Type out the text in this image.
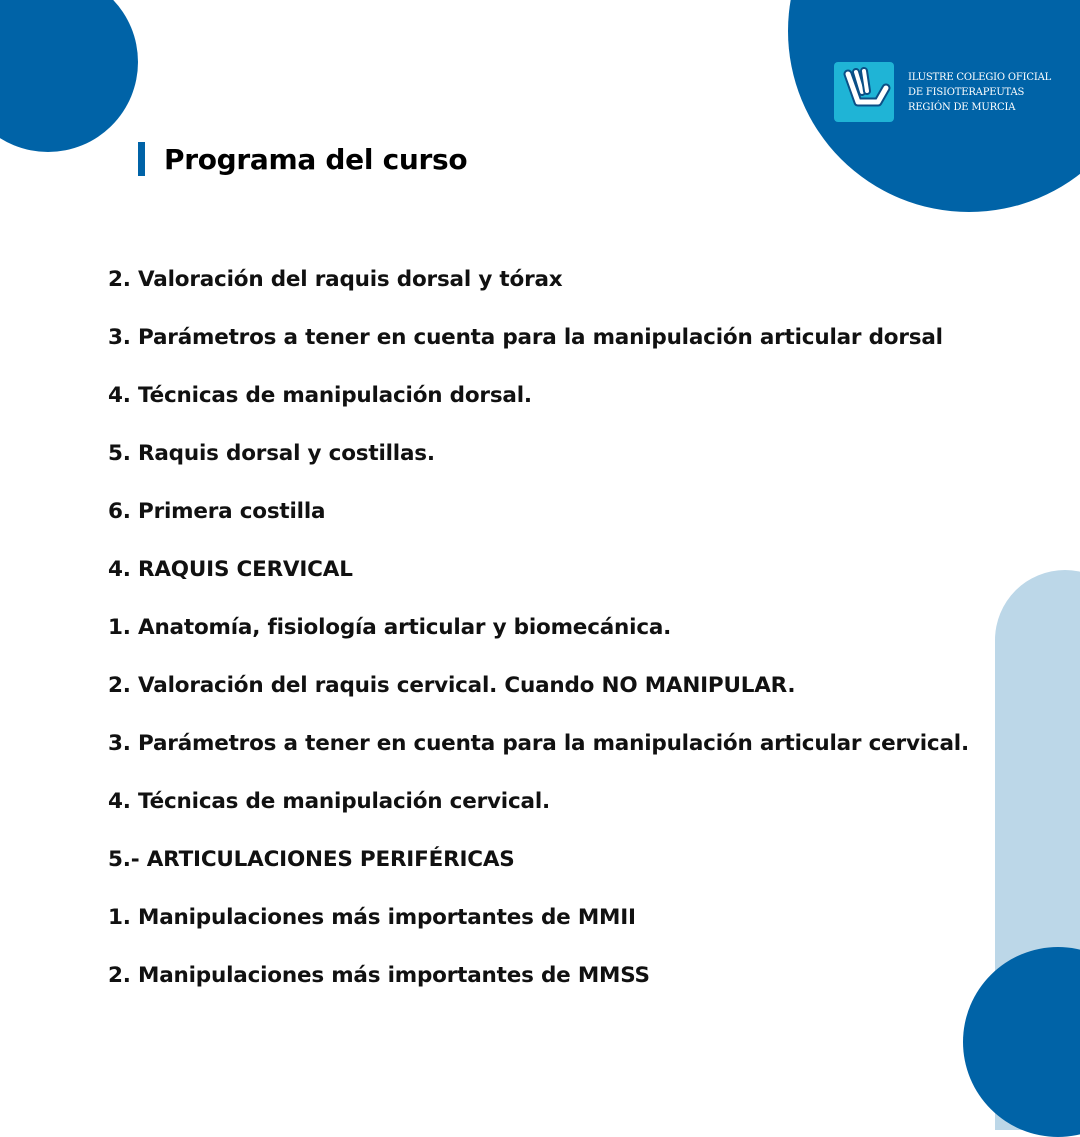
ILUSTRE COLEGIO OFICIAL
DE FISIOTERAPEUTAS
REGIÓN DE MURCIA
Programa del curso
2. Valoración del raquis dorsal y tórax
3. Parámetros a tener en cuenta para la manipulación articular dorsal
4. Técnicas de manipulación dorsal.
5. Raquis dorsal y costillas.
6. Primera costilla
4. RAQUIS CERVICAL
1. Anatomía, fisiología articular y biomecánica.
2. Valoración del raquis cervical. Cuando NO MANIPULAR.
3. Parámetros a tener en cuenta para la manipulación articular cervical.
4. Técnicas de manipulación cervical.
5.- ARTICULACIONES PERIFÉRICAS
1. Manipulaciones más importantes de MMII
2. Manipulaciones más importantes de MMSS
